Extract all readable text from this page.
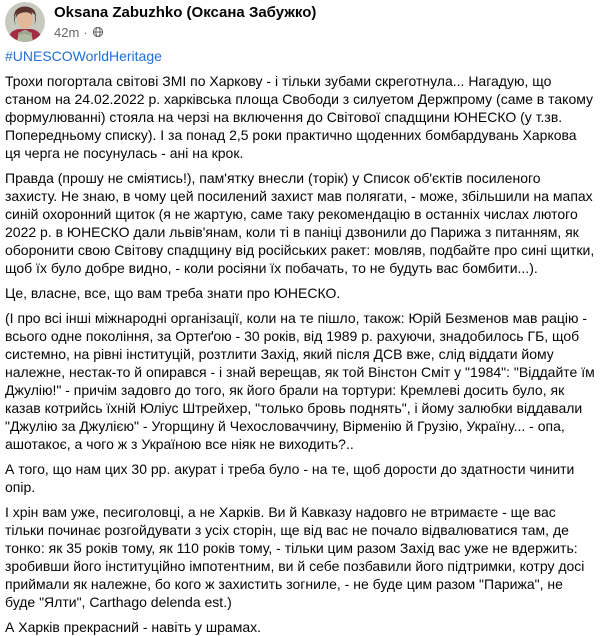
Oksana Zabuzhko (Оксана Забужко)
42m ·

#UNESCOWorldHeritage

Трохи погортала світові ЗМІ по Харкову - і тільки зубами скреготнула... Нагадую, що станом на 24.02.2022 р. харківська площа Свободи з силуетом Держпрому (саме в такому формулюванні) стояла на черзі на включення до Світової спадщини ЮНЕСКО (у т.зв. Попередньому списку). І за понад 2,5 роки практично щоденних бомбардувань Харкова ця черга не посунулась - ані на крок.

Правда (прошу не сміятись!), пам'ятку внесли (торік) у Список об'єктів посиленого захисту. Не знаю, в чому цей посилений захист мав полягати, - може, збільшили на мапах синій охоронний щиток (я не жартую, саме таку рекомендацію в останніх числах лютого 2022 р. в ЮНЕСКО дали львів'янам, коли ті в паніці дзвонили до Парижа з питанням, як оборонити свою Світову спадщину від російських ракет: мовляв, подбайте про сині щитки, щоб їх було добре видно, - коли росіяни їх побачать, то не будуть вас бомбити...).

Це, власне, все, що вам треба знати про ЮНЕСКО.

(І про всі інші міжнародні організації, коли на те пішло, також: Юрій Безменов мав рацію - всього одне покоління, за Ортеґою - 30 років, від 1989 р. рахуючи, знадобилось ГБ, щоб системно, на рівні інституцій, розтлити Захід, який після ДСВ вже, слід віддати йому належне, нестак-то й опирався - і знай верещав, як той Вінстон Сміт у "1984": "Віддайте їм Джулію!" - причім задовго до того, як його брали на тортури: Кремлеві досить було, як казав котрийсь їхній Юліус Штрейхер, "только бровь поднять", і йому залюбки віддавали "Джулію за Джулією" - Угорщину й Чехословаччину, Вірменію й Грузію, Україну... - опа, ашотакоє, а чого ж з Україною все ніяк не виходить?..

А того, що нам цих 30 рр. акурат і треба було - на те, щоб дорости до здатности чинити опір.

І хрін вам уже, песиголовці, а не Харків. Ви й Кавказу надовго не втримаєте - ще вас тільки починає розгойдувати з усіх сторін, ще від вас не почало відвалюватися там, де тонко: як 35 років тому, як 110 років тому, - тільки цим разом Захід вас уже не вдержить: зробивши його інституційно імпотентним, ви й себе позбавили його підтримки, котру досі приймали як належне, бо кого ж захистить зогниле, - не буде цим разом "Парижа", не буде "Ялти", Carthago delenda est.)

А Харків прекрасний - навіть у шрамах.
